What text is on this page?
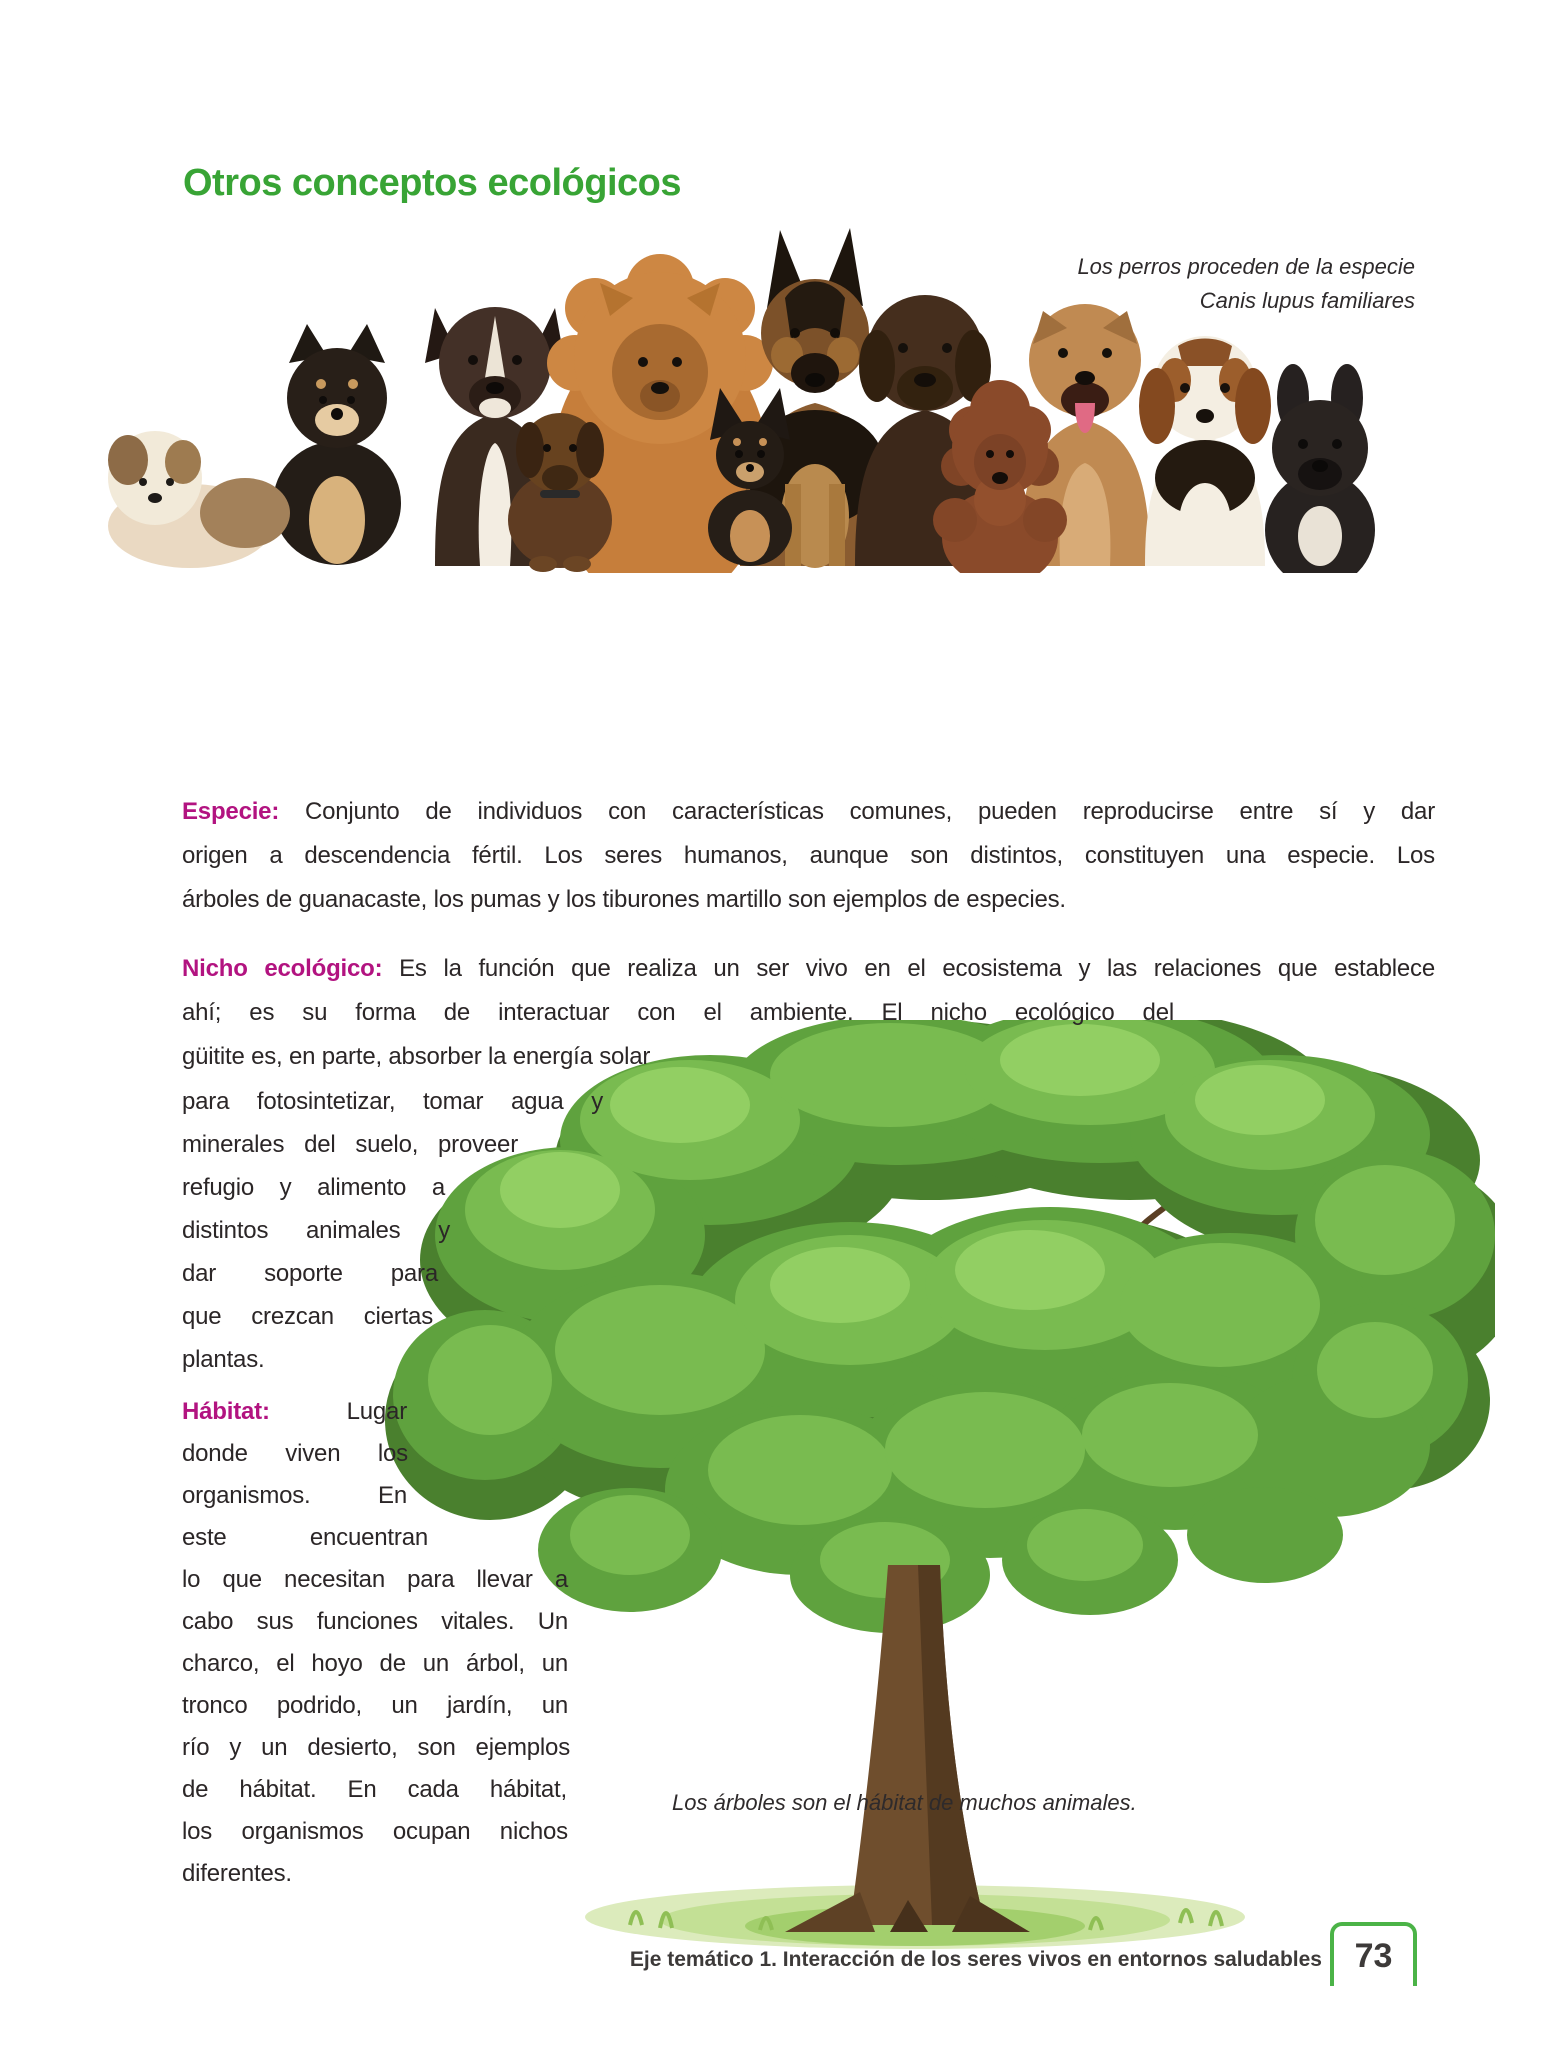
Otros conceptos ecológicos
Los perros proceden de la especie
Canis lupus familiares
Los árboles son el hábitat de muchos animales.
Especie: Conjunto de individuos con características comunes, pueden reproducirse entre sí y dar
origen a descendencia fértil. Los seres humanos, aunque son distintos, constituyen una especie. Los
árboles de guanacaste, los pumas y los tiburones martillo son ejemplos de especies.
Nicho ecológico: Es la función que realiza un ser vivo en el ecosistema y las relaciones que establece
ahí; es su forma de interactuar con el ambiente. El nicho ecológico del
güitite es, en parte, absorber la energía solar
para fotosintetizar, tomar agua y
minerales del suelo, proveer
refugio y alimento a
distintos animales y
dar soporte para
que crezcan ciertas
plantas.
Hábitat:	Lugar
donde viven los
organismos. En
este encuentran
lo que necesitan para llevar a
cabo sus funciones vitales. Un
charco, el hoyo de un árbol, un
tronco podrido, un jardín, un
río y un desierto, son ejemplos
de hábitat. En cada hábitat,
los organismos ocupan nichos
diferentes.
Eje temático 1. Interacción de los seres vivos en entornos saludables 73
